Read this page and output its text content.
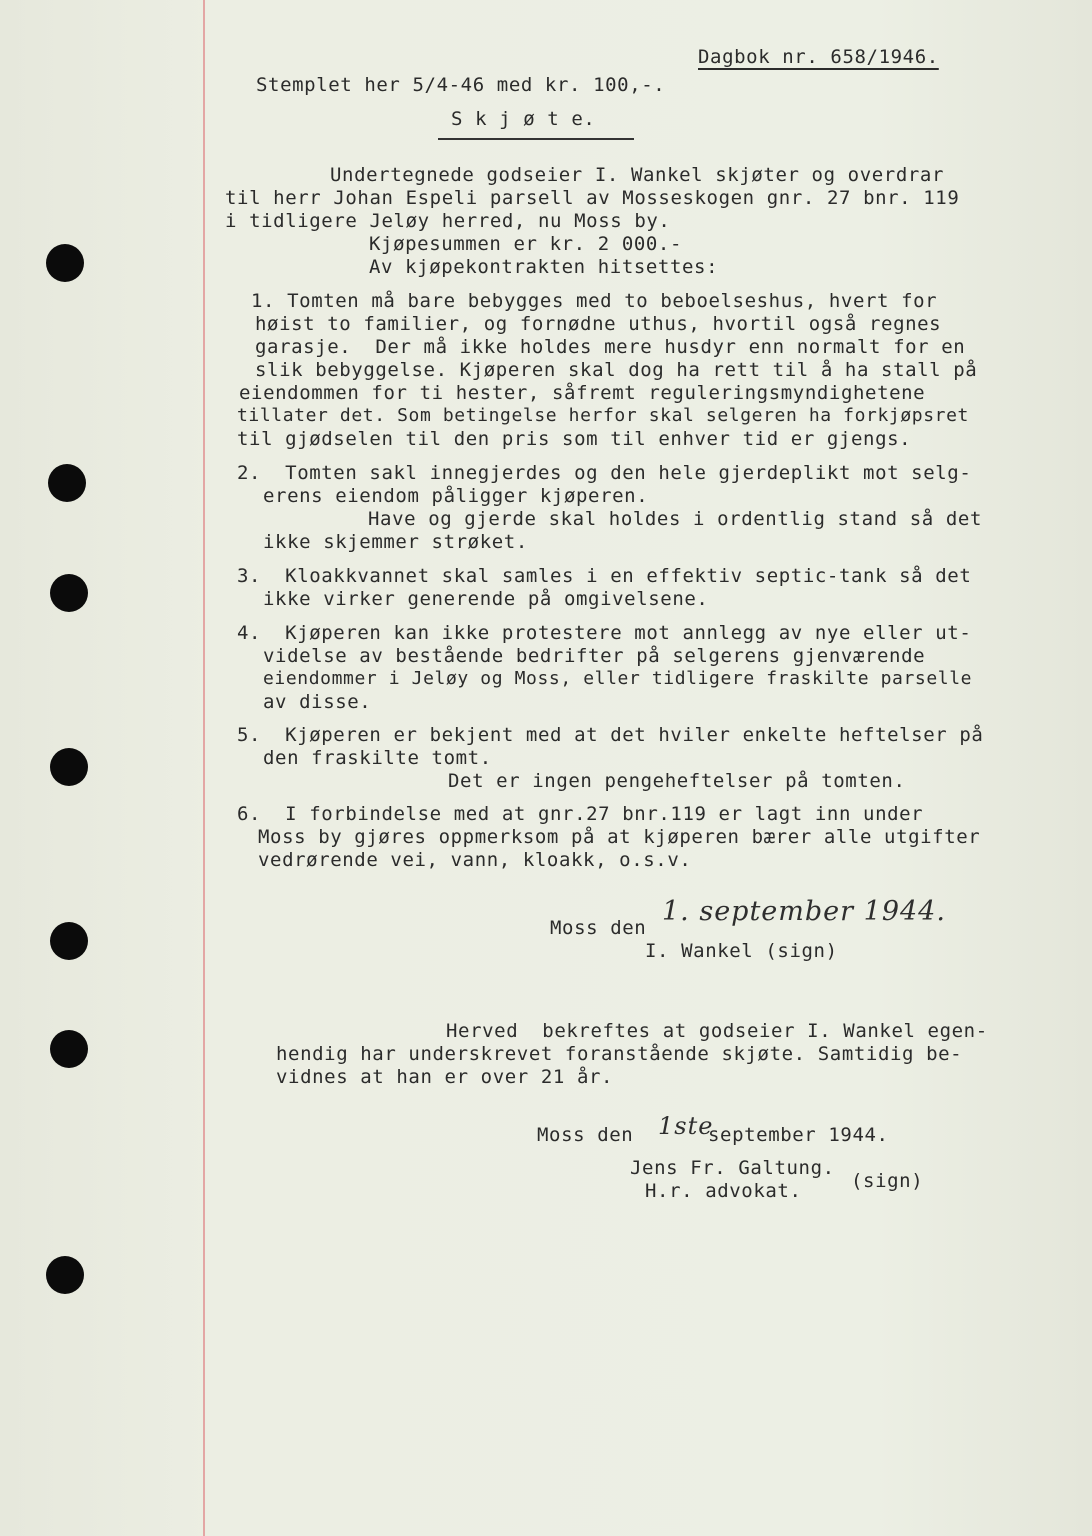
Dagbok nr. 658/1946.
Stemplet her 5/4-46 med kr. 100,-.
S k j ø t e.
Undertegnede godseier I. Wankel skjøter og overdrar
til herr Johan Espeli parsell av Mosseskogen gnr. 27 bnr. 119
i tidligere Jeløy herred, nu Moss by.
Kjøpesummen er kr. 2 000.-
Av kjøpekontrakten hitsettes:
1. Tomten må bare bebygges med to beboelseshus, hvert for
høist to familier, og fornødne uthus, hvortil også regnes
garasje.  Der må ikke holdes mere husdyr enn normalt for en
slik bebyggelse. Kjøperen skal dog ha rett til å ha stall på
eiendommen for ti hester, såfremt reguleringsmyndighetene
tillater det. Som betingelse herfor skal selgeren ha forkjøpsret
til gjødselen til den pris som til enhver tid er gjengs.
2.  Tomten sakl innegjerdes og den hele gjerdeplikt mot selg-
erens eiendom påligger kjøperen.
Have og gjerde skal holdes i ordentlig stand så det
ikke skjemmer strøket.
3.  Kloakkvannet skal samles i en effektiv septic-tank så det
ikke virker generende på omgivelsene.
4.  Kjøperen kan ikke protestere mot annlegg av nye eller ut-
videlse av bestående bedrifter på selgerens gjenværende
eiendommer i Jeløy og Moss, eller tidligere fraskilte parselle
av disse.
5.  Kjøperen er bekjent med at det hviler enkelte heftelser på
den fraskilte tomt.
Det er ingen pengeheftelser på tomten.
6.  I forbindelse med at gnr.27 bnr.119 er lagt inn under
Moss by gjøres oppmerksom på at kjøperen bærer alle utgifter
vedrørende vei, vann, kloakk, o.s.v.
Moss den
1. september 1944.
I. Wankel (sign)
Herved  bekreftes at godseier I. Wankel egen-
hendig har underskrevet foranstående skjøte. Samtidig be-
vidnes at han er over 21 år.
Moss den 1ste
september 1944.
Jens Fr. Galtung.
H.r. advokat.	(sign)
